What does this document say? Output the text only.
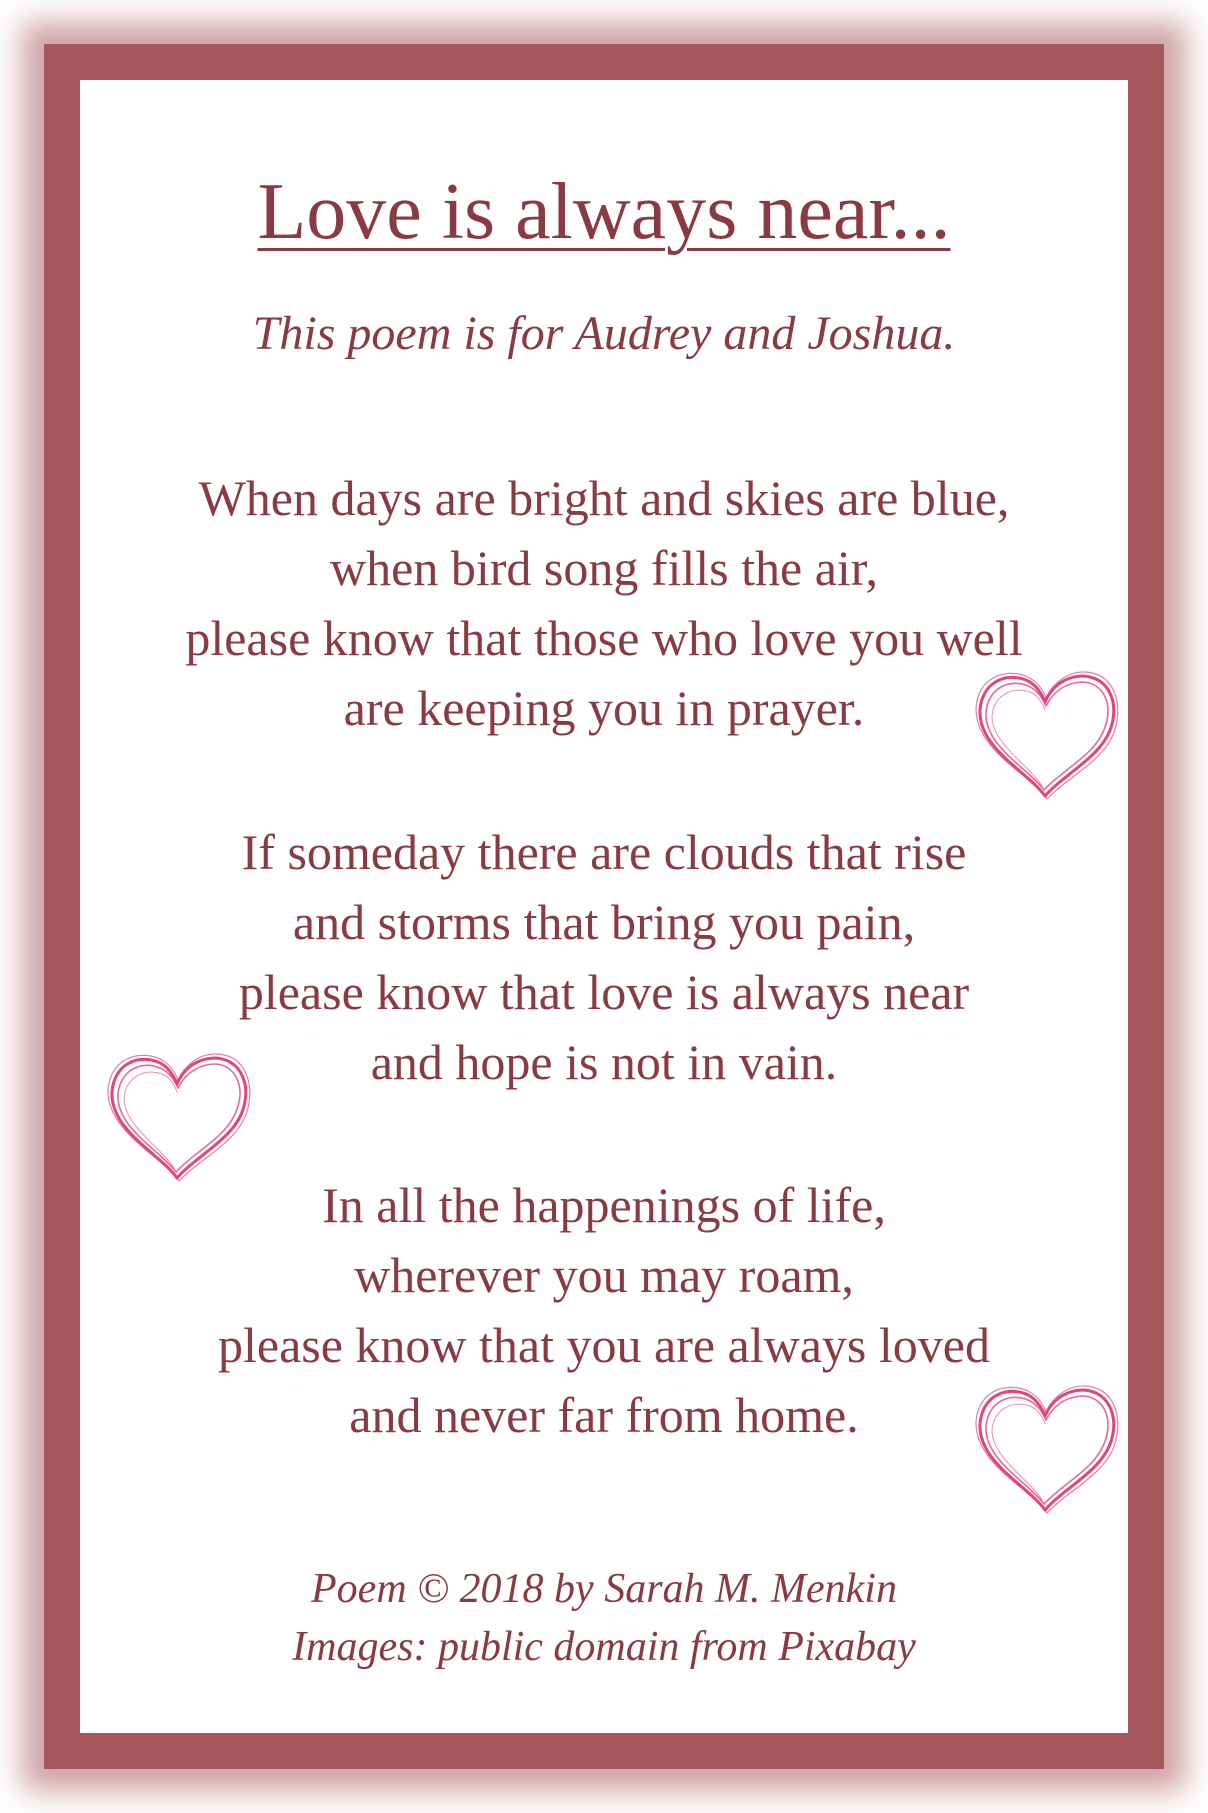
Love is always near...

This poem is for Audrey and Joshua.

When days are bright and skies are blue,
when bird song fills the air,
please know that those who love you well
are keeping you in prayer.

If someday there are clouds that rise
and storms that bring you pain,
please know that love is always near
and hope is not in vain.

In all the happenings of life,
wherever you may roam,
please know that you are always loved
and never far from home.

Poem © 2018 by Sarah M. Menkin
Images: public domain from Pixabay
